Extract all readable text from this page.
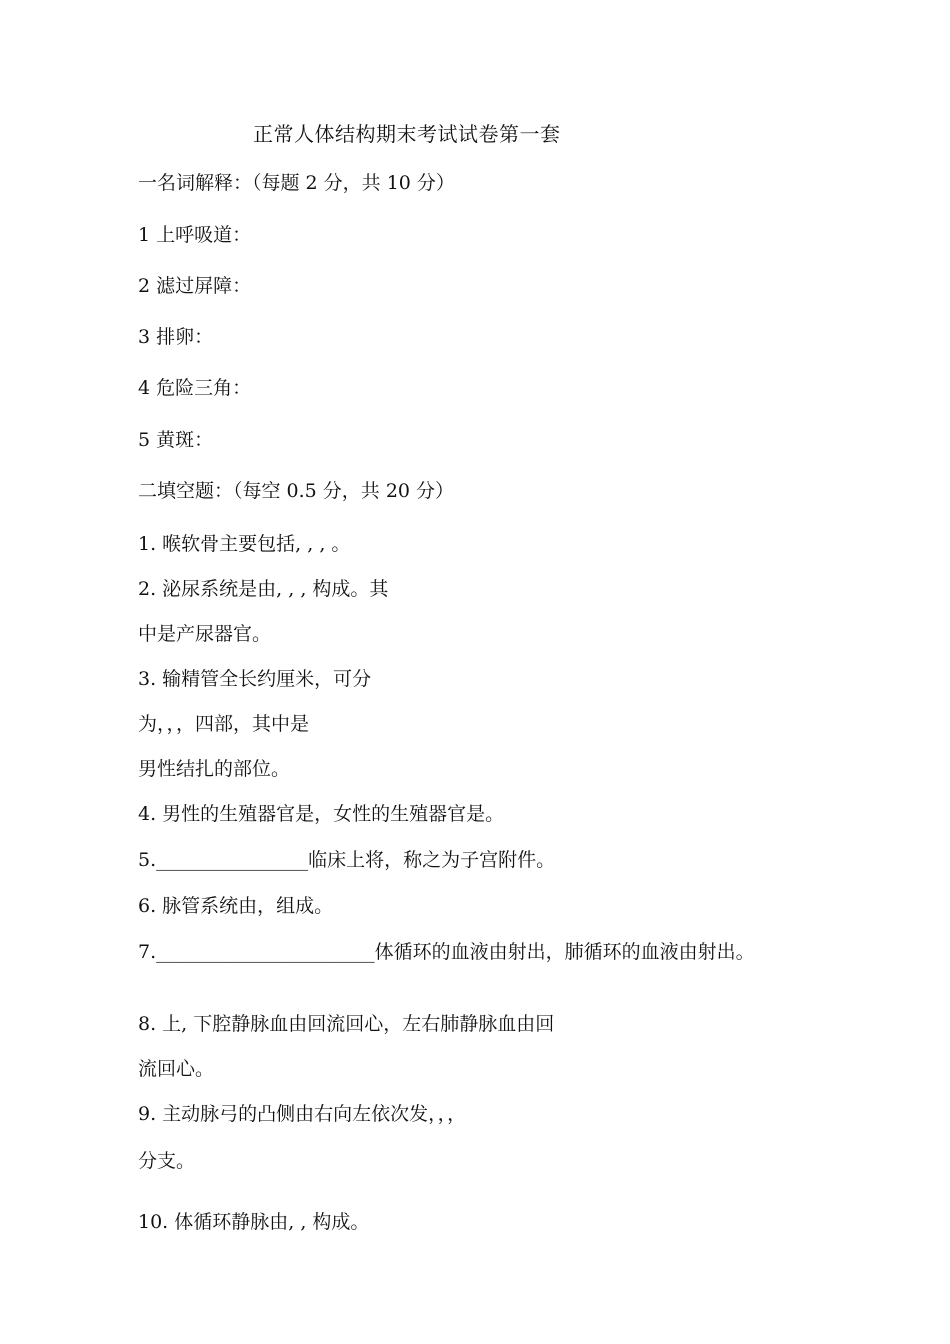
正常人体结构期末考试试卷第一套
一名词解释：（每题 2 分，共 10 分）
1 上呼吸道：
2 滤过屏障：
3 排卵：
4 危险三角：
5 黄斑：
二填空题：（每空 0.5 分，共 20 分）
1. 喉软骨主要包括, , , 。
2. 泌尿系统是由, , , 构成。其
中是产尿器官。
3. 输精管全长约厘米，可分
为，，，四部，其中是
男性结扎的部位。
4. 男性的生殖器官是，女性的生殖器官是。
5.________________临床上将，称之为子宫附件。
6. 脉管系统由，组成。
7._______________________体循环的血液由射出，肺循环的血液由射出。
8. 上, 下腔静脉血由回流回心，左右肺静脉血由回
流回心。
9. 主动脉弓的凸侧由右向左依次发，，，
分支。
10. 体循环静脉由, , 构成。
